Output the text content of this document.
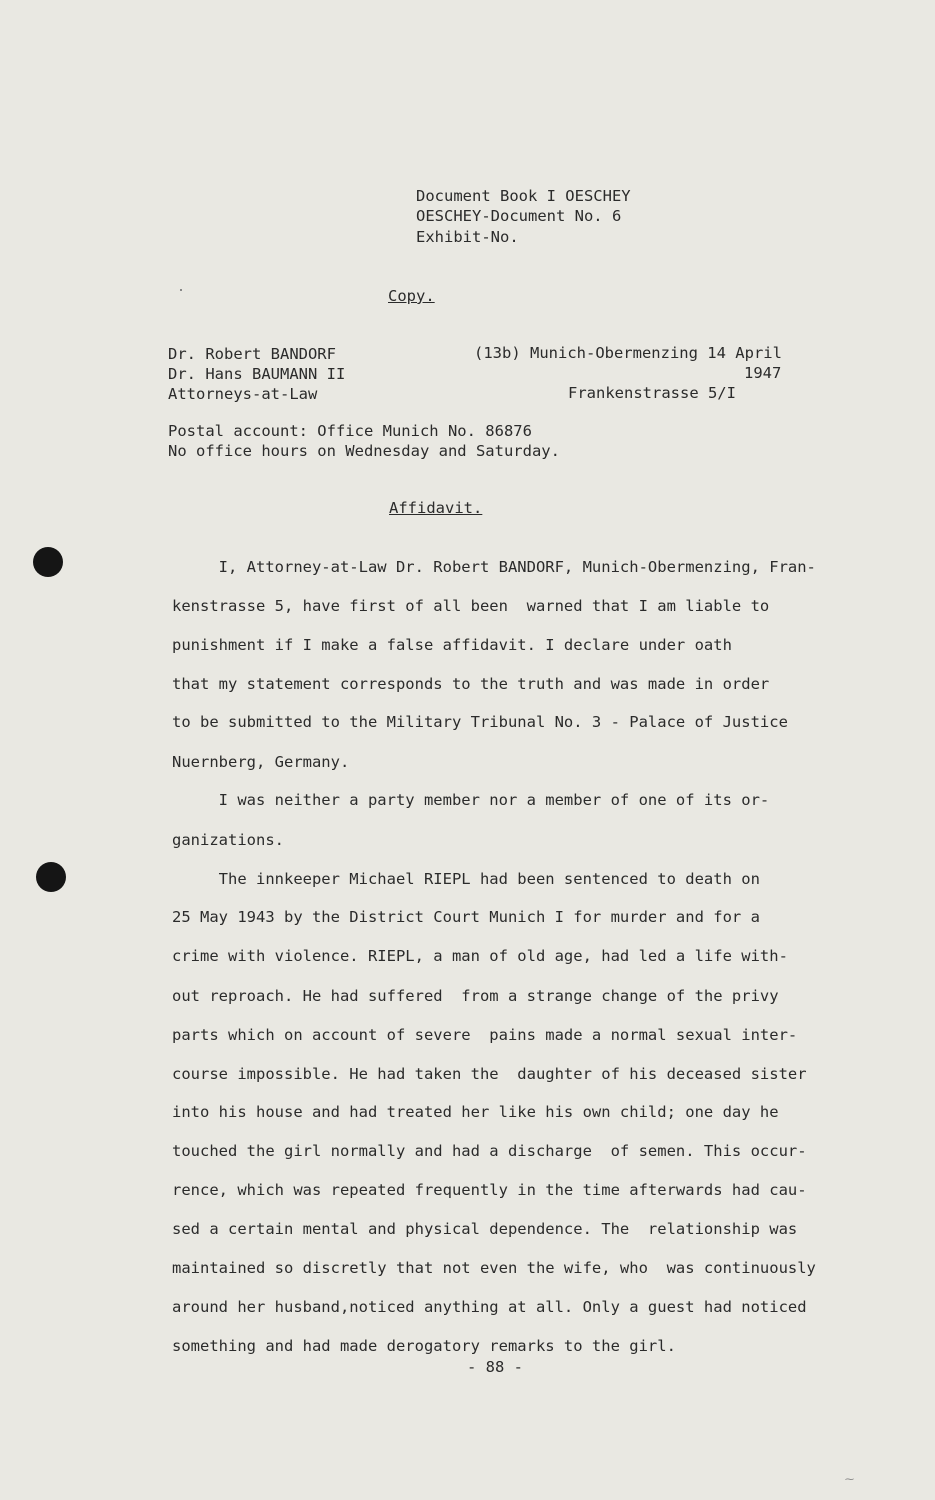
Document Book I OESCHEY

OESCHEY-Document No. 6

Exhibit-No.

Copy.

Dr. Robert BANDORF

Dr. Hans BAUMANN II

Attorneys-at-Law

(13b) Munich-Obermenzing 14 April

1947

Frankenstrasse 5/I

Postal account: Office Munich No. 86876

No office hours on Wednesday and Saturday.

Affidavit.

I, Attorney-at-Law Dr. Robert BANDORF, Munich-Obermenzing, Fran-

kenstrasse 5, have first of all been  warned that I am liable to

punishment if I make a false affidavit. I declare under oath

that my statement corresponds to the truth and was made in order

to be submitted to the Military Tribunal No. 3 - Palace of Justice

Nuernberg, Germany.

I was neither a party member nor a member of one of its or-

ganizations.

The innkeeper Michael RIEPL had been sentenced to death on

25 May 1943 by the District Court Munich I for murder and for a

crime with violence. RIEPL, a man of old age, had led a life with-

out reproach. He had suffered  from a strange change of the privy

parts which on account of severe  pains made a normal sexual inter-

course impossible. He had taken the  daughter of his deceased sister

into his house and had treated her like his own child; one day he

touched the girl normally and had a discharge  of semen. This occur-

rence, which was repeated frequently in the time afterwards had cau-

sed a certain mental and physical dependence. The  relationship was

maintained so discretly that not even the wife, who  was continuously

around her husband,noticed anything at all. Only a guest had noticed

something and had made derogatory remarks to the girl.

- 88 -

⁓
